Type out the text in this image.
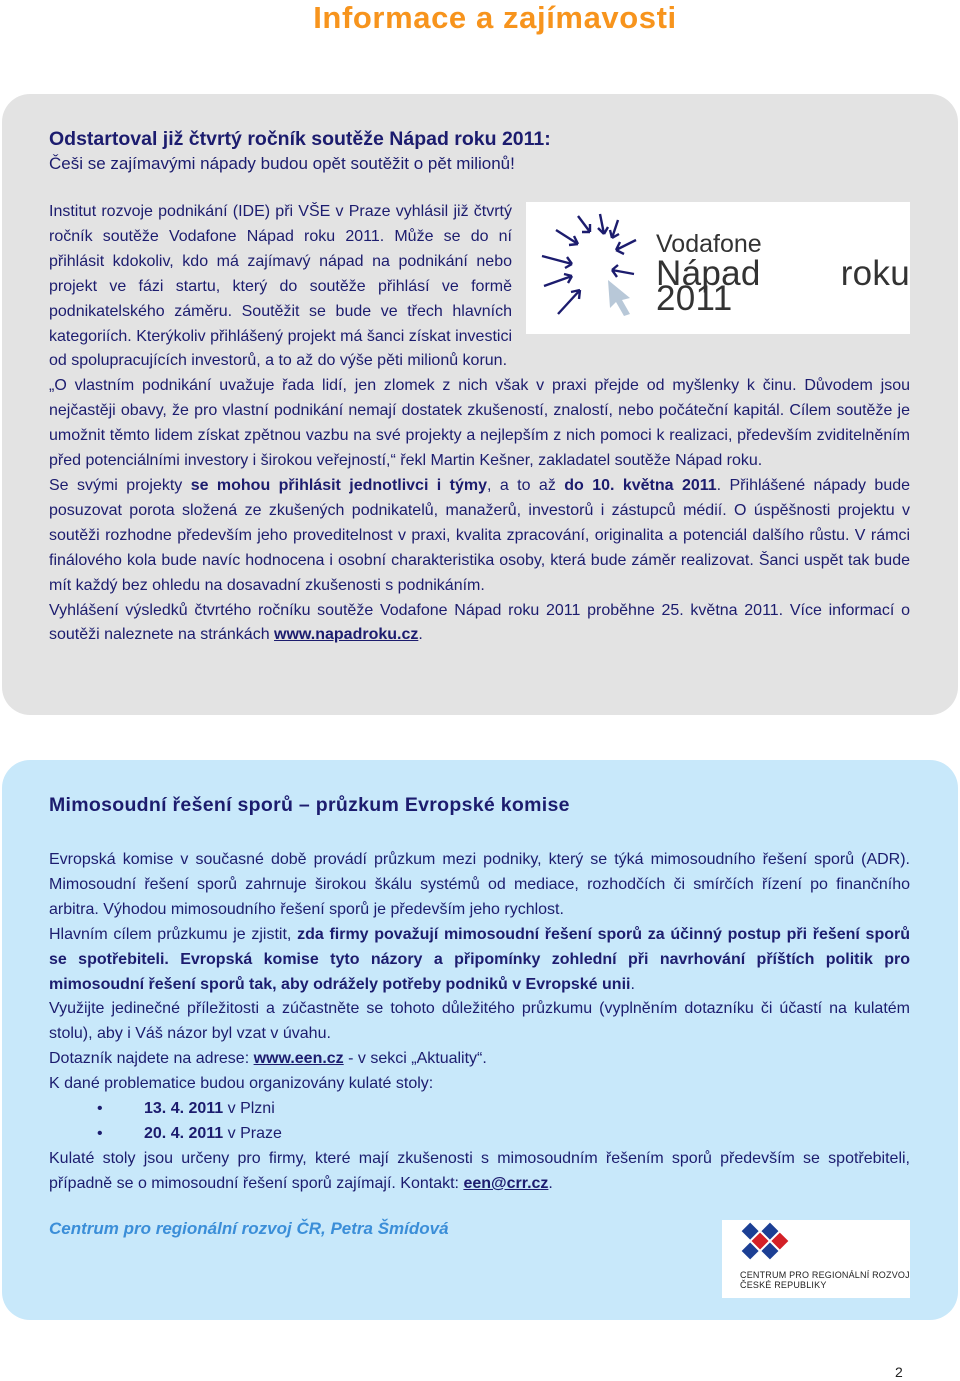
Informace a zajímavosti

Odstartoval již čtvrtý ročník soutěže Nápad roku 2011:

Češi se zajímavými nápady budou opět soutěžit o pět milionů!

Vodafone
Nápad roku 2011

Institut rozvoje podnikání (IDE) při VŠE v Praze vyhlásil již čtvrtý ročník soutěže Vodafone Nápad roku 2011. Může se do ní přihlásit kdokoliv, kdo má zajímavý nápad na podnikání nebo projekt ve fázi startu, který do soutěže přihlásí ve formě podnikatelského záměru. Soutěžit se bude ve třech hlavních kategoriích. Kterýkoliv přihlášený projekt má šanci získat investici od spolupracujících investorů, a to až do výše pěti milionů korun.

„O vlastním podnikání uvažuje řada lidí, jen zlomek z nich však v praxi přejde od myšlenky k činu. Důvodem jsou nejčastěji obavy, že pro vlastní podnikání nemají dostatek zkušeností, znalostí, nebo počáteční kapitál. Cílem soutěže je umožnit těmto lidem získat zpětnou vazbu na své projekty a nejlepším z nich pomoci k realizaci, především zviditelněním před potenciálními investory i širokou veřejností,“ řekl Martin Kešner, zakladatel soutěže Nápad roku.

Se svými projekty se mohou přihlásit jednotlivci i týmy, a to až do 10. května 2011. Přihlášené nápady bude posuzovat porota složená ze zkušených podnikatelů, manažerů, investorů i zástupců médií. O úspěšnosti projektu v soutěži rozhodne především jeho proveditelnost v praxi, kvalita zpracování, originalita a potenciál dalšího růstu. V rámci finálového kola bude navíc hodnocena i osobní charakteristika osoby, která bude záměr realizovat. Šanci uspět tak bude mít každý bez ohledu na dosavadní zkušenosti s podnikáním.

Vyhlášení výsledků čtvrtého ročníku soutěže Vodafone Nápad roku 2011 proběhne 25. května 2011. Více informací o soutěži naleznete na stránkách www.napadroku.cz.

Mimosoudní řešení sporů – průzkum Evropské komise

Evropská komise v současné době provádí průzkum mezi podniky, který se týká mimosoudního řešení sporů (ADR). Mimosoudní řešení sporů zahrnuje širokou škálu systémů od mediace, rozhodčích či smírčích řízení po finančního arbitra. Výhodou mimosoudního řešení sporů je především jeho rychlost.

Hlavním cílem průzkumu je zjistit, zda firmy považují mimosoudní řešení sporů za účinný postup při řešení sporů se spotřebiteli. Evropská komise tyto názory a připomínky zohlední při navrhování příštích politik pro mimosoudní řešení sporů tak, aby odrážely potřeby podniků v Evropské unii.

Využijte jedinečné příležitosti a zúčastněte se tohoto důležitého průzkumu (vyplněním dotazníku či účastí na kulatém stolu), aby i Váš názor byl vzat v úvahu.

Dotazník najdete na adrese: www.een.cz - v sekci „Aktuality“.

K dané problematice budou organizovány kulaté stoly:

•	13. 4. 2011 v Plzni
•	20. 4. 2011 v Praze

Kulaté stoly jsou určeny pro firmy, které mají zkušenosti s mimosoudním řešením sporů především se spotřebiteli, případně se o mimosoudní řešení sporů zajímají. Kontakt: een@crr.cz.

Centrum pro regionální rozvoj ČR, Petra Šmídová
CENTRUM PRO REGIONÁLNÍ ROZVOJ
ČESKÉ REPUBLIKY
2
